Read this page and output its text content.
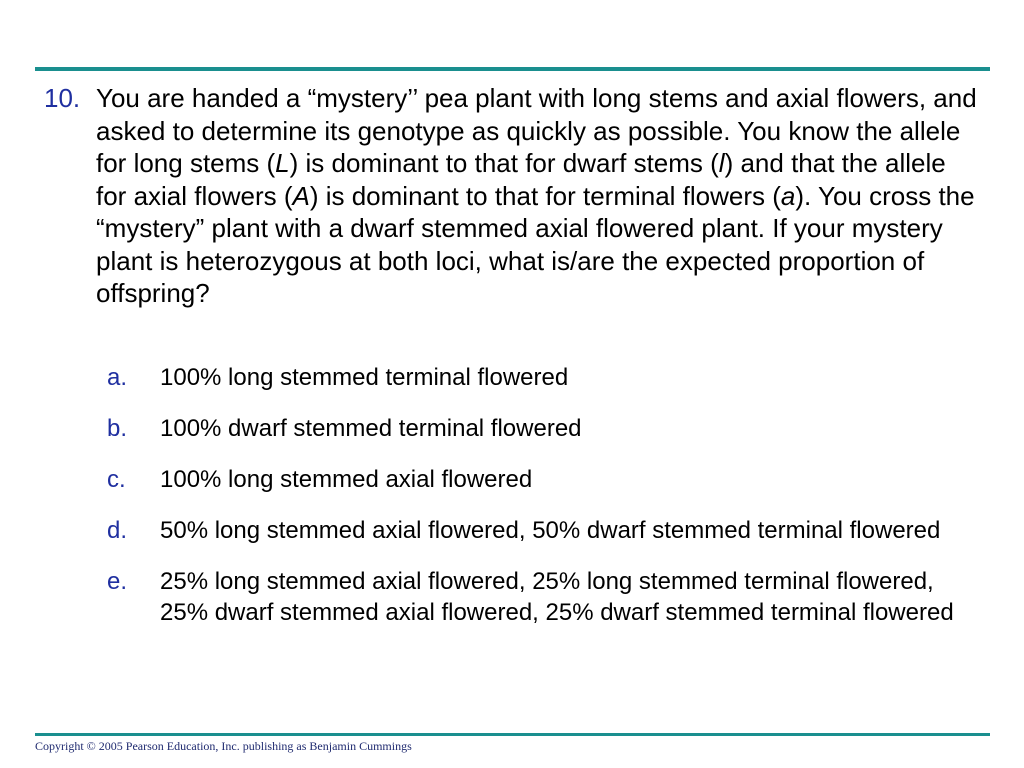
10. You are handed a “mystery’’ pea plant with long stems and axial flowers, and asked to determine its genotype as quickly as possible. You know the allele for long stems (L) is dominant to that for dwarf stems (l) and that the allele for axial flowers (A) is dominant to that for terminal flowers (a). You cross the “mystery” plant with a dwarf stemmed axial flowered plant. If your mystery plant is heterozygous at both loci, what is/are the expected proportion of offspring?
a.	100% long stemmed terminal flowered
b.	100% dwarf stemmed terminal flowered
c.	100% long stemmed axial flowered
d.	50% long stemmed axial flowered, 50% dwarf stemmed terminal flowered
e.	25% long stemmed axial flowered, 25% long stemmed terminal flowered, 25% dwarf stemmed axial flowered, 25% dwarf stemmed terminal flowered
Copyright © 2005 Pearson Education, Inc. publishing as Benjamin Cummings
